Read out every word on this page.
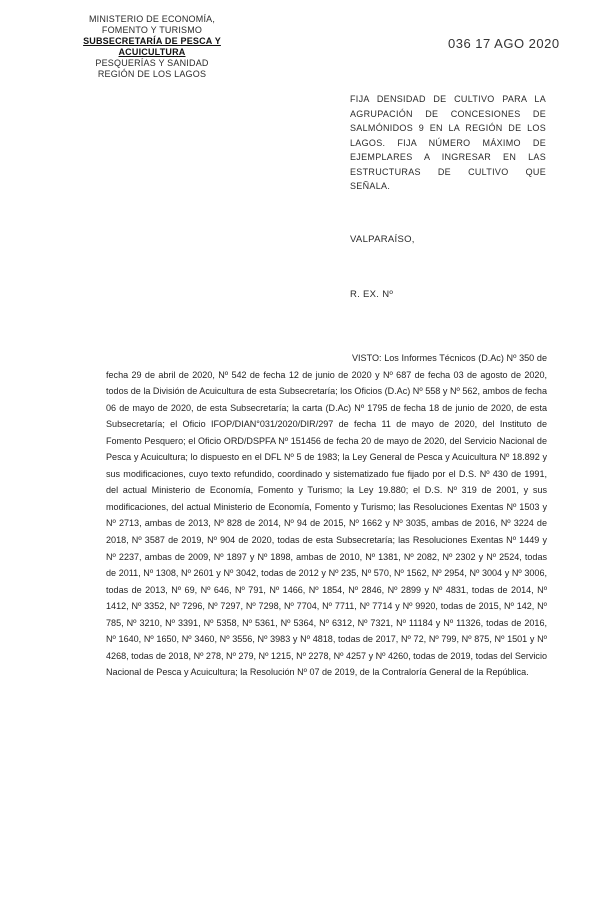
MINISTERIO DE ECONOMÍA,
FOMENTO Y TURISMO
SUBSECRETARÍA DE PESCA Y ACUICULTURA
PESQUERÍAS Y SANIDAD
REGIÓN DE LOS LAGOS
036 17 AGO 2020
FIJA DENSIDAD DE CULTIVO PARA LA AGRUPACIÓN DE CONCESIONES DE SALMÓNIDOS 9 EN LA REGIÓN DE LOS LAGOS. FIJA NÚMERO MÁXIMO DE EJEMPLARES A INGRESAR EN LAS ESTRUCTURAS DE CULTIVO QUE SEÑALA.
VALPARAÍSO,
R. EX. Nº
VISTO: Los Informes Técnicos (D.Ac) Nº 350 de fecha 29 de abril de 2020, Nº 542 de fecha 12 de junio de 2020 y Nº 687 de fecha 03 de agosto de 2020, todos de la División de Acuicultura de esta Subsecretaría; los Oficios (D.Ac) Nº 558 y Nº 562, ambos de fecha 06 de mayo de 2020, de esta Subsecretaría; la carta (D.Ac) Nº 1795 de fecha 18 de junio de 2020, de esta Subsecretaría; el Oficio IFOP/DIAN°031/2020/DIR/297 de fecha 11 de mayo de 2020, del Instituto de Fomento Pesquero; el Oficio ORD/DSPFA Nº 151456 de fecha 20 de mayo de 2020, del Servicio Nacional de Pesca y Acuicultura; lo dispuesto en el DFL Nº 5 de 1983; la Ley General de Pesca y Acuicultura Nº 18.892 y sus modificaciones, cuyo texto refundido, coordinado y sistematizado fue fijado por el D.S. Nº 430 de 1991, del actual Ministerio de Economía, Fomento y Turismo; la Ley 19.880; el D.S. Nº 319 de 2001, y sus modificaciones, del actual Ministerio de Economía, Fomento y Turismo; las Resoluciones Exentas Nº 1503 y Nº 2713, ambas de 2013, Nº 828 de 2014, Nº 94 de 2015, Nº 1662 y Nº 3035, ambas de 2016, Nº 3224 de 2018, Nº 3587 de 2019, Nº 904 de 2020, todas de esta Subsecretaría; las Resoluciones Exentas Nº 1449 y Nº 2237, ambas de 2009, Nº 1897 y Nº 1898, ambas de 2010, Nº 1381, Nº 2082, Nº 2302 y Nº 2524, todas de 2011, Nº 1308, Nº 2601 y Nº 3042, todas de 2012 y Nº 235, Nº 570, Nº 1562, Nº 2954, Nº 3004 y Nº 3006, todas de 2013, Nº 69, Nº 646, Nº 791, Nº 1466, Nº 1854, Nº 2846, Nº 2899 y Nº 4831, todas de 2014, Nº 1412, Nº 3352, Nº 7296, Nº 7297, Nº 7298, Nº 7704, Nº 7711, Nº 7714 y Nº 9920, todas de 2015, Nº 142, Nº 785, Nº 3210, Nº 3391, Nº 5358, Nº 5361, Nº 5364, Nº 6312, Nº 7321, Nº 11184 y Nº 11326, todas de 2016, Nº 1640, Nº 1650, Nº 3460, Nº 3556, Nº 3983 y Nº 4818, todas de 2017, Nº 72, Nº 799, Nº 875, Nº 1501 y Nº 4268, todas de 2018, Nº 278, Nº 279, Nº 1215, Nº 2278, Nº 4257 y Nº 4260, todas de 2019, todas del Servicio Nacional de Pesca y Acuicultura; la Resolución Nº 07 de 2019, de la Contraloría General de la República.
